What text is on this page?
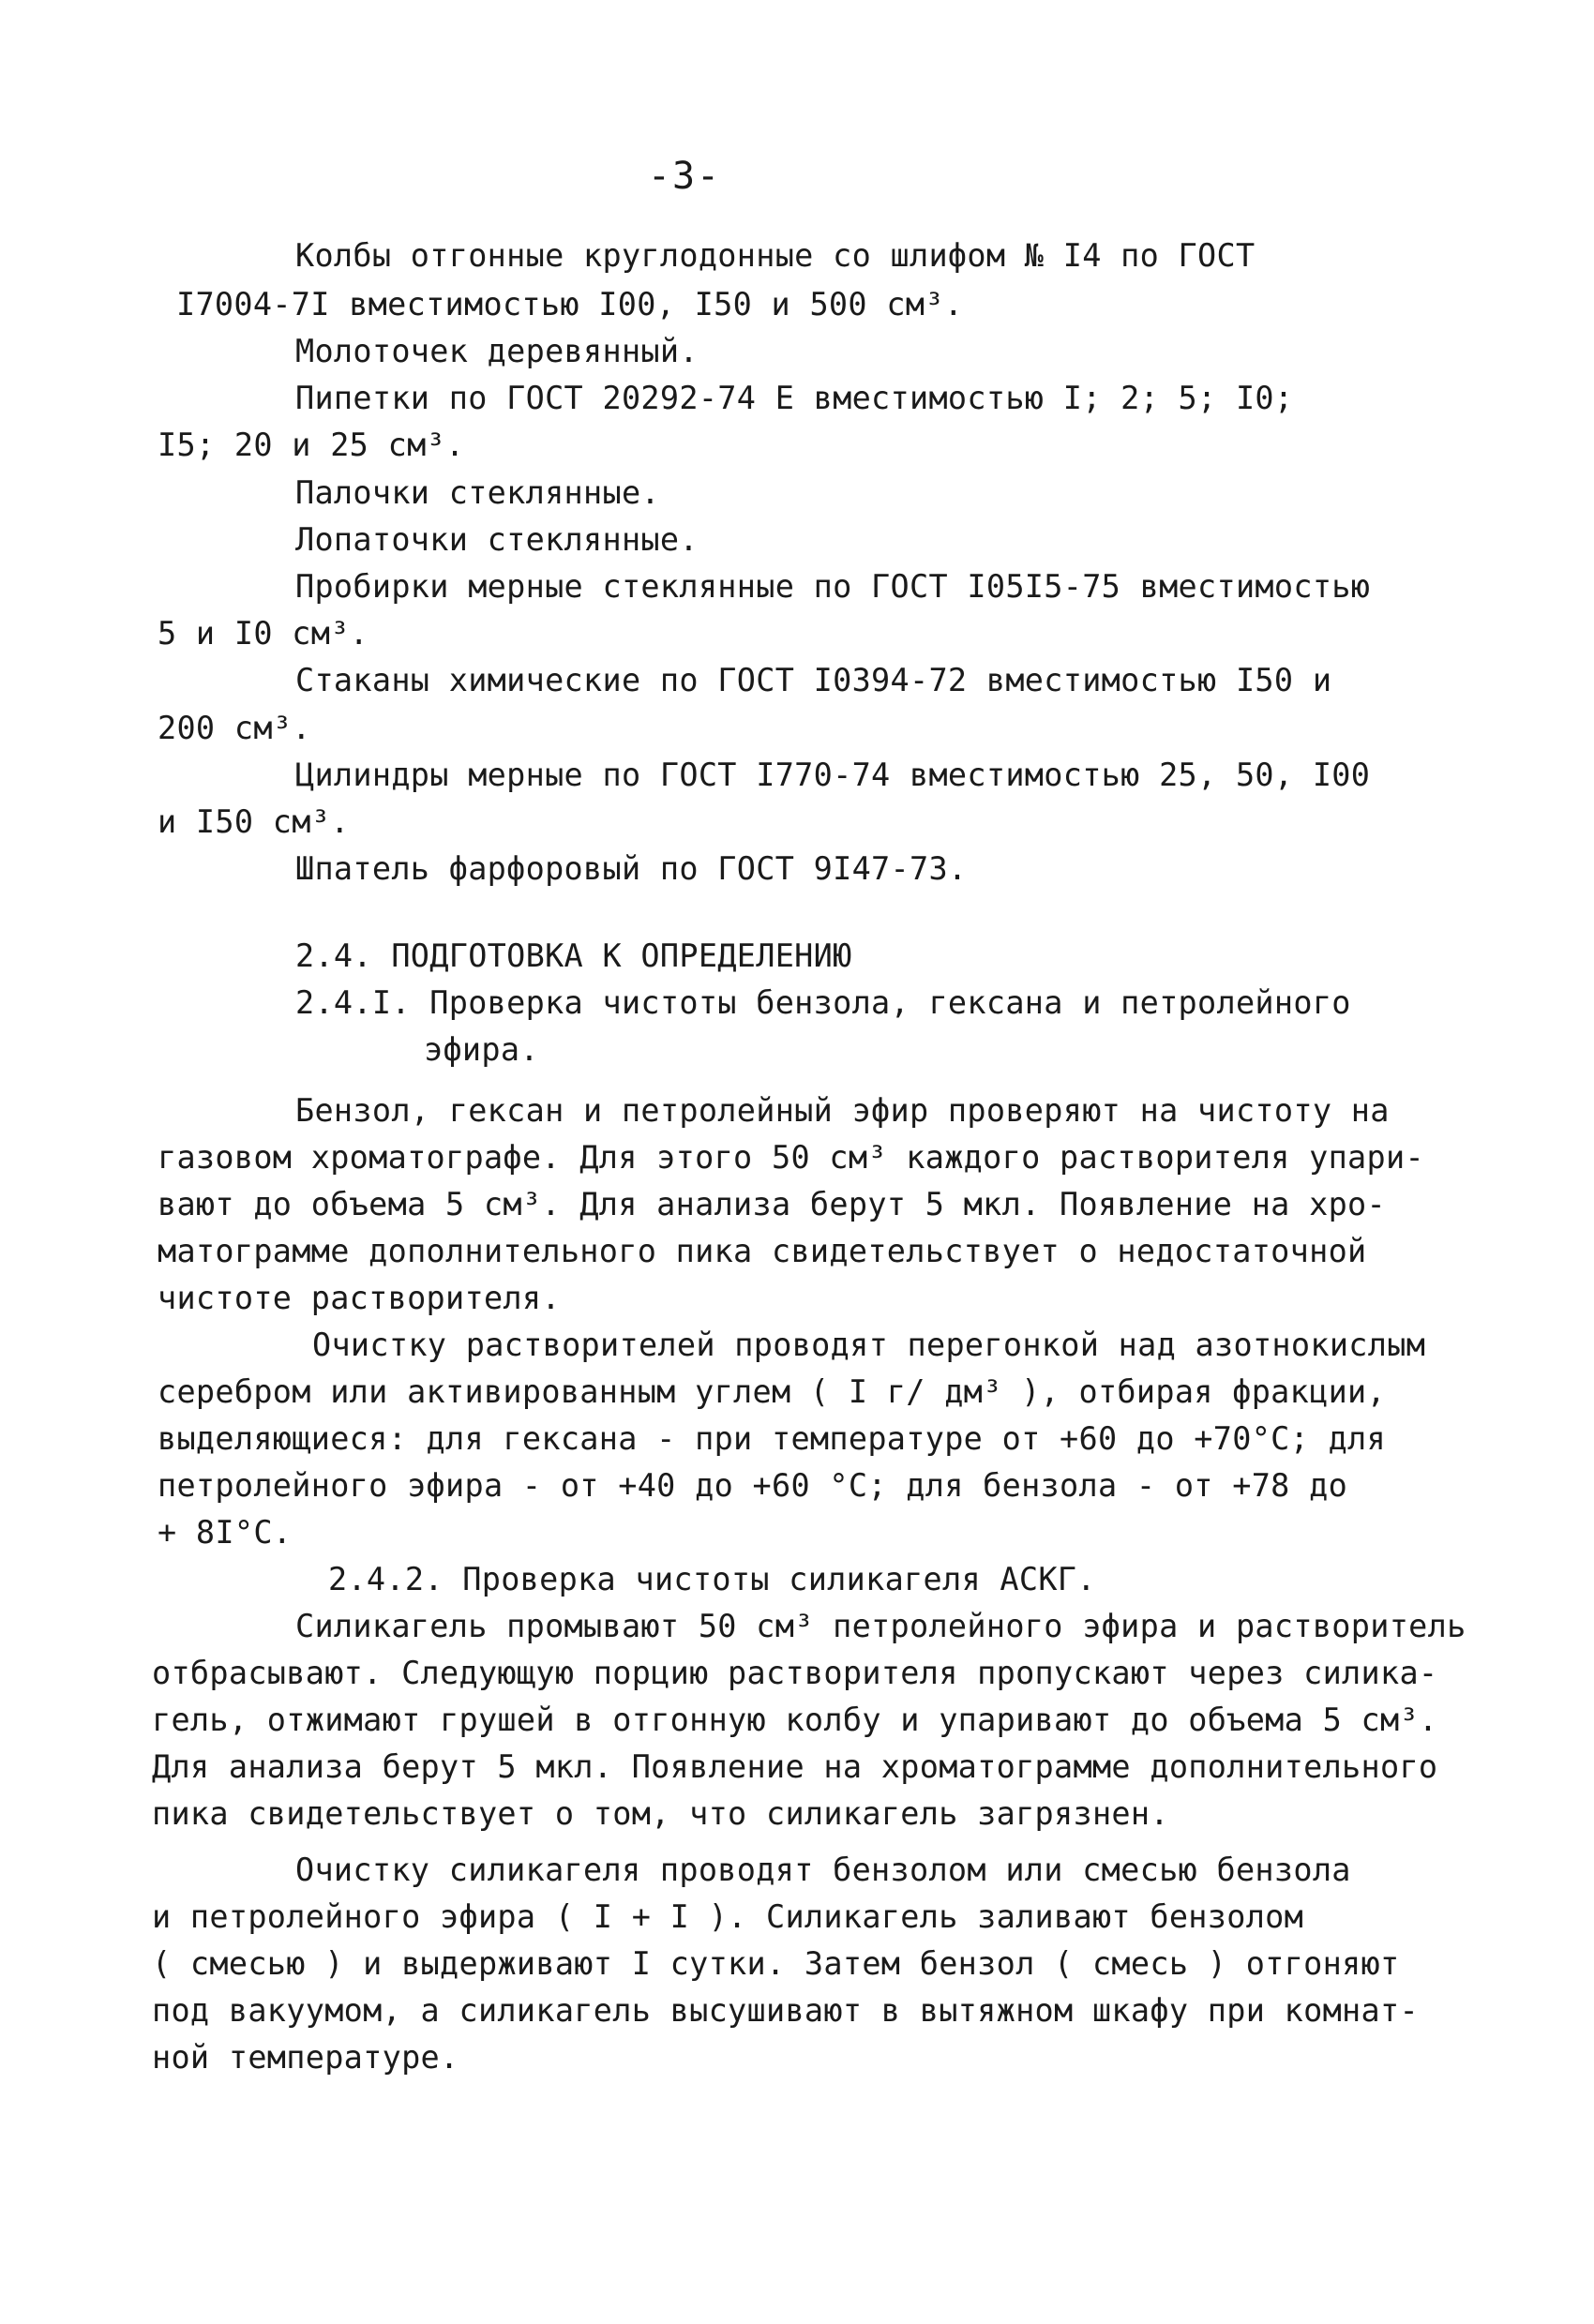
-3-
Колбы отгонные круглодонные со шлифом № I4 по ГОСТ
I7004-7I вместимостью I00, I50 и 500 см³.
Молоточек деревянный.
Пипетки по ГОСТ 20292-74 Е вместимостью I; 2; 5; I0;
I5; 20 и 25 см³.
Палочки стеклянные.
Лопаточки стеклянные.
Пробирки мерные стеклянные по ГОСТ I05I5-75 вместимостью
5 и I0 см³.
Стаканы химические по ГОСТ I0394-72 вместимостью I50 и
200 см³.
Цилиндры мерные по ГОСТ I770-74 вместимостью 25, 50, I00
и I50 см³.
Шпатель фарфоровый по ГОСТ 9I47-73.
2.4. ПОДГОТОВКА К ОПРЕДЕЛЕНИЮ
2.4.I. Проверка чистоты бензола, гексана и петролейного
эфира.
Бензол, гексан и петролейный эфир проверяют на чистоту на
газовом хроматографе. Для этого 50 см³ каждого растворителя упари-
вают до объема 5 см³. Для анализа берут 5 мкл. Появление на хро-
матограмме дополнительного пика свидетельствует о недостаточной
чистоте растворителя.
Очистку растворителей проводят перегонкой над азотнокислым
серебром или активированным углем ( I г/ дм³ ), отбирая фракции,
выделяющиеся: для гексана - при температуре от +60 до +70°С; для
петролейного эфира - от +40 до +60 °С; для бензола - от +78 до
+ 8I°С.
2.4.2. Проверка чистоты силикагеля АСКГ.
Силикагель промывают 50 см³ петролейного эфира и растворитель
отбрасывают. Следующую порцию растворителя пропускают через силика-
гель, отжимают грушей в отгонную колбу и упаривают до объема 5 см³.
Для анализа берут 5 мкл. Появление на хроматограмме дополнительного
пика свидетельствует о том, что силикагель загрязнен.
Очистку силикагеля проводят бензолом или смесью бензола
и петролейного эфира ( I + I ). Силикагель заливают бензолом
( смесью ) и выдерживают I сутки. Затем бензол ( смесь ) отгоняют
под вакуумом, а силикагель высушивают в вытяжном шкафу при комнат-
ной температуре.
